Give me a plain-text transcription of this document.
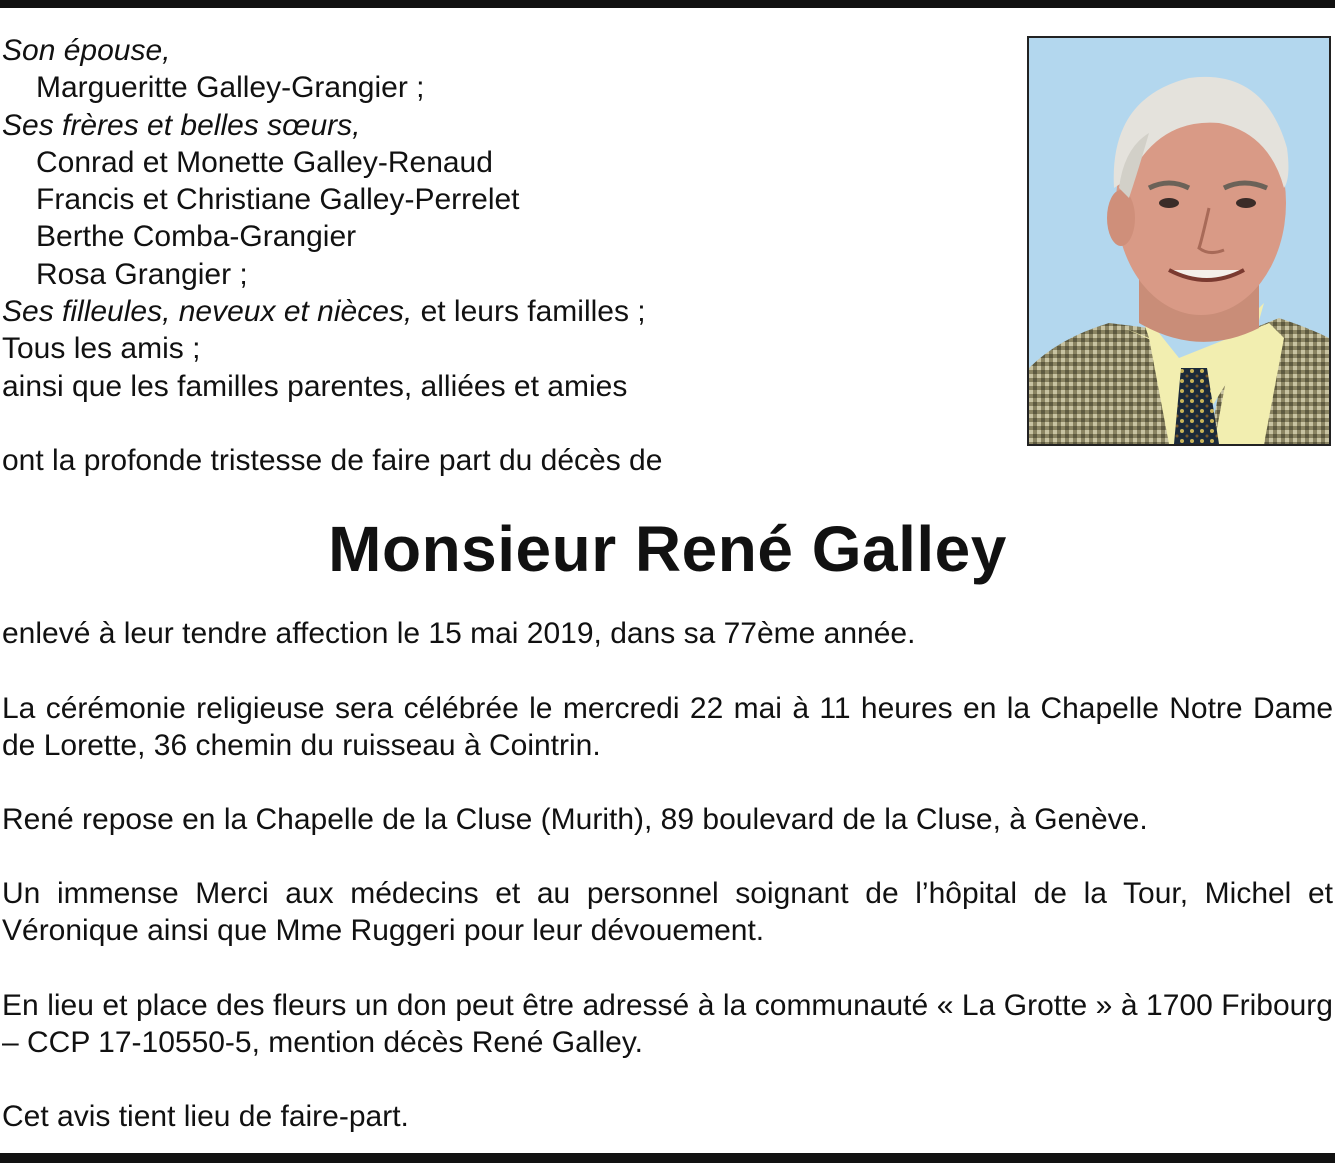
Son épouse,
Margueritte Galley-Grangier ;
Ses frères et belles sœurs,
Conrad et Monette Galley-Renaud
Francis et Christiane Galley-Perrelet
Berthe Comba-Grangier
Rosa Grangier ;
Ses filleules, neveux et nièces, et leurs familles ;
Tous les amis ;
ainsi que les familles parentes, alliées et amies
ont la profonde tristesse de faire part du décès de
Monsieur René Galley
enlevé à leur tendre affection le 15 mai 2019, dans sa 77ème année.
La cérémonie religieuse sera célébrée le mercredi 22 mai à 11 heures en la Chapelle Notre Dame de Lorette, 36 chemin du ruisseau à Cointrin.
René repose en la Chapelle de la Cluse (Murith), 89 boulevard de la Cluse, à Genève.
Un immense Merci aux médecins et au personnel soignant de l’hôpital de la Tour, Michel et Véronique ainsi que Mme Ruggeri pour leur dévouement.
En lieu et place des fleurs un don peut être adressé à la communauté « La Grotte » à 1700 Fribourg – CCP 17-10550-5, mention décès René Galley.
Cet avis tient lieu de faire-part.
